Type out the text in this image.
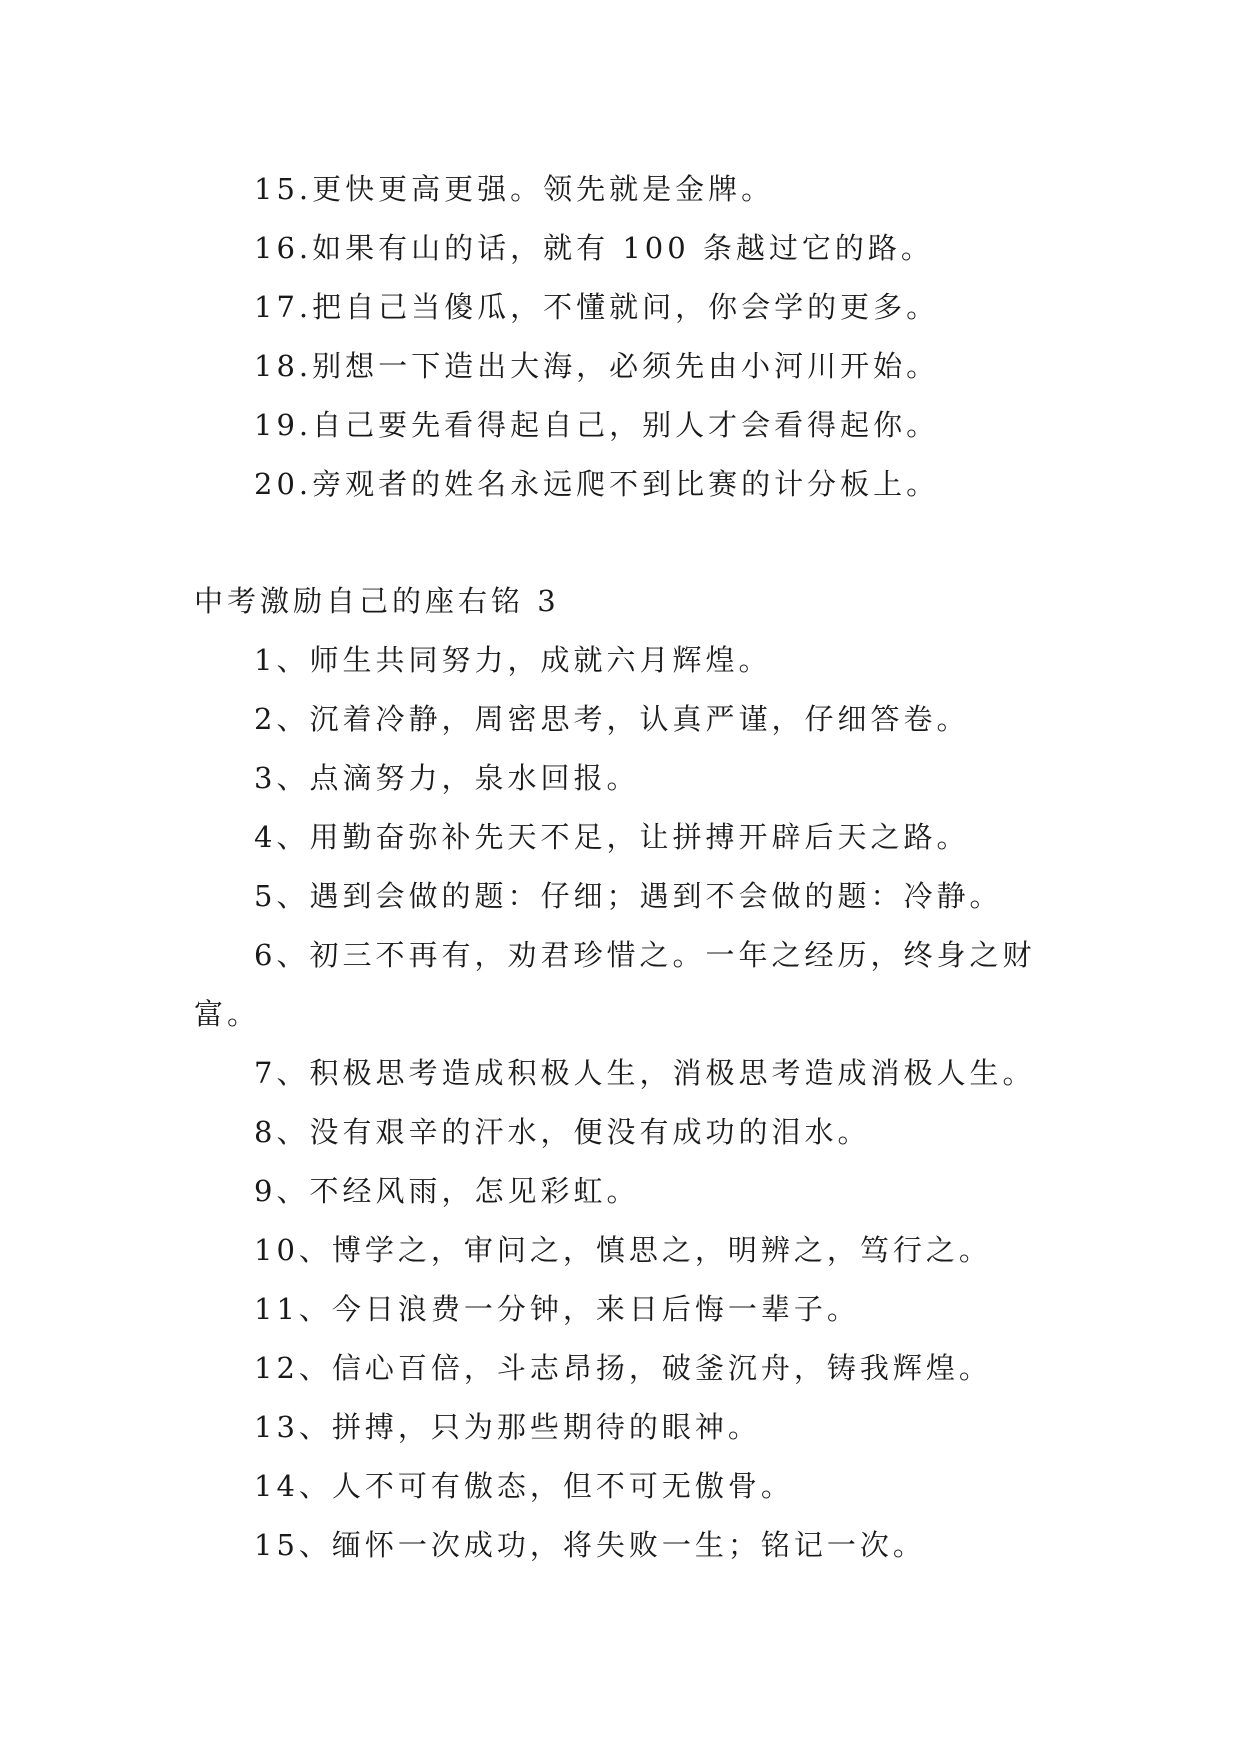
15.更快更高更强。领先就是金牌。
16.如果有山的话，就有 100 条越过它的路。
17.把自己当傻瓜，不懂就问，你会学的更多。
18.别想一下造出大海，必须先由小河川开始。
19.自己要先看得起自己，别人才会看得起你。
20.旁观者的姓名永远爬不到比赛的计分板上。
中考激励自己的座右铭 3
1、师生共同努力，成就六月辉煌。
2、沉着冷静，周密思考，认真严谨，仔细答卷。
3、点滴努力，泉水回报。
4、用勤奋弥补先天不足，让拼搏开辟后天之路。
5、遇到会做的题：仔细；遇到不会做的题：冷静。
6、初三不再有，劝君珍惜之。一年之经历，终身之财
富。
7、积极思考造成积极人生，消极思考造成消极人生。
8、没有艰辛的汗水，便没有成功的泪水。
9、不经风雨，怎见彩虹。
10、博学之，审问之，慎思之，明辨之，笃行之。
11、今日浪费一分钟，来日后悔一辈子。
12、信心百倍，斗志昂扬，破釜沉舟，铸我辉煌。
13、拼搏，只为那些期待的眼神。
14、人不可有傲态，但不可无傲骨。
15、缅怀一次成功，将失败一生；铭记一次。
